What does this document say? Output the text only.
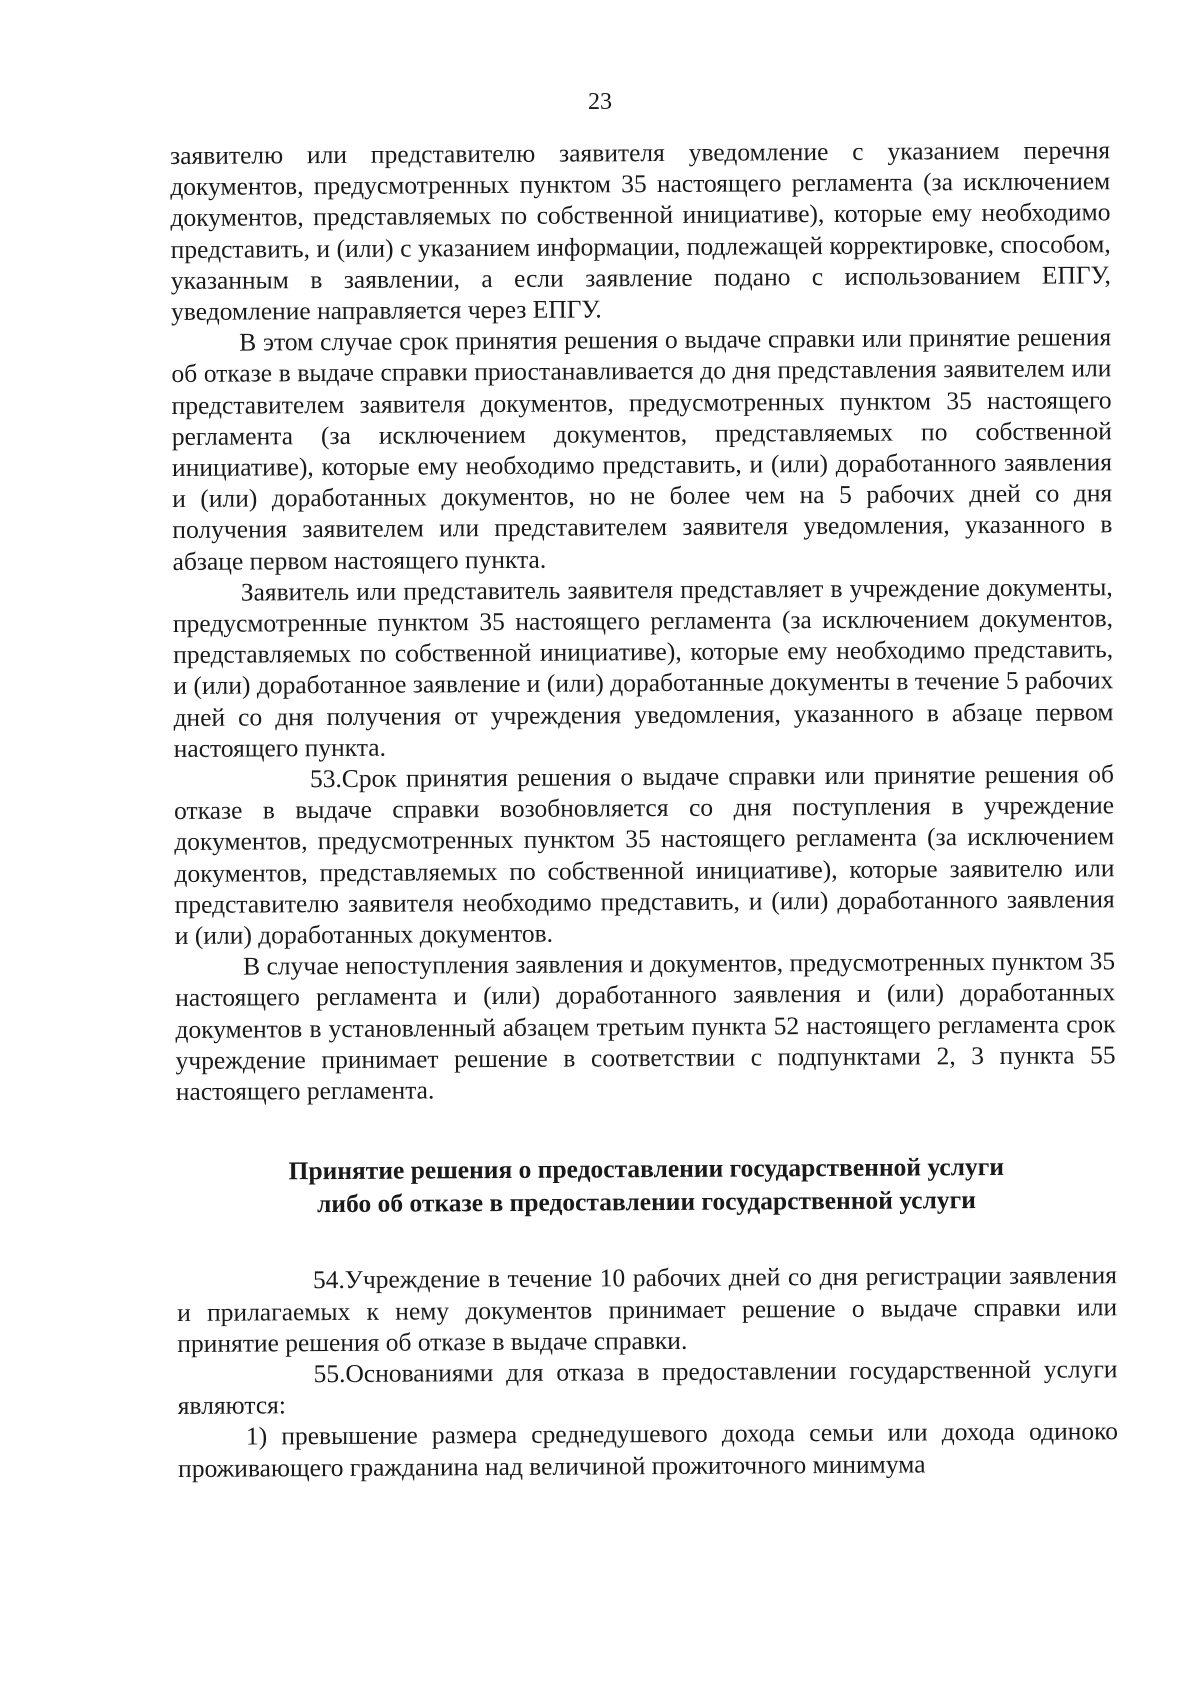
23

заявителю или представителю заявителя уведомление с указанием перечня документов, предусмотренных пунктом 35 настоящего регламента (за исключением документов, представляемых по собственной инициативе), которые ему необходимо представить, и (или) с указанием информации, подлежащей корректировке, способом, указанным в заявлении, а если заявление подано с использованием ЕПГУ, уведомление направляется через ЕПГУ.

В этом случае срок принятия решения о выдаче справки или принятие решения об отказе в выдаче справки приостанавливается до дня представления заявителем или представителем заявителя документов, предусмотренных пунктом 35 настоящего регламента (за исключением документов, представляемых по собственной инициативе), которые ему необходимо представить, и (или) доработанного заявления и (или) доработанных документов, но не более чем на 5 рабочих дней со дня получения заявителем или представителем заявителя уведомления, указанного в абзаце первом настоящего пункта.

Заявитель или представитель заявителя представляет в учреждение документы, предусмотренные пунктом 35 настоящего регламента (за исключением документов, представляемых по собственной инициативе), которые ему необходимо представить, и (или) доработанное заявление и (или) доработанные документы в течение 5 рабочих дней со дня получения от учреждения уведомления, указанного в абзаце первом настоящего пункта.

53.Срок принятия решения о выдаче справки или принятие решения об отказе в выдаче справки возобновляется со дня поступления в учреждение документов, предусмотренных пунктом 35 настоящего регламента (за исключением документов, представляемых по собственной инициативе), которые заявителю или представителю заявителя необходимо представить, и (или) доработанного заявления и (или) доработанных документов.

В случае непоступления заявления и документов, предусмотренных пунктом 35 настоящего регламента и (или) доработанного заявления и (или) доработанных документов в установленный абзацем третьим пункта 52 настоящего регламента срок учреждение принимает решение в соответствии с подпунктами 2, 3 пункта 55 настоящего регламента.

Принятие решения о предоставлении государственной услуги
либо об отказе в предоставлении государственной услуги

54.Учреждение в течение 10 рабочих дней со дня регистрации заявления и прилагаемых к нему документов принимает решение о выдаче справки или принятие решения об отказе в выдаче справки.

55.Основаниями для отказа в предоставлении государственной услуги являются:

1) превышение размера среднедушевого дохода семьи или дохода одиноко проживающего гражданина над величиной прожиточного минимума
